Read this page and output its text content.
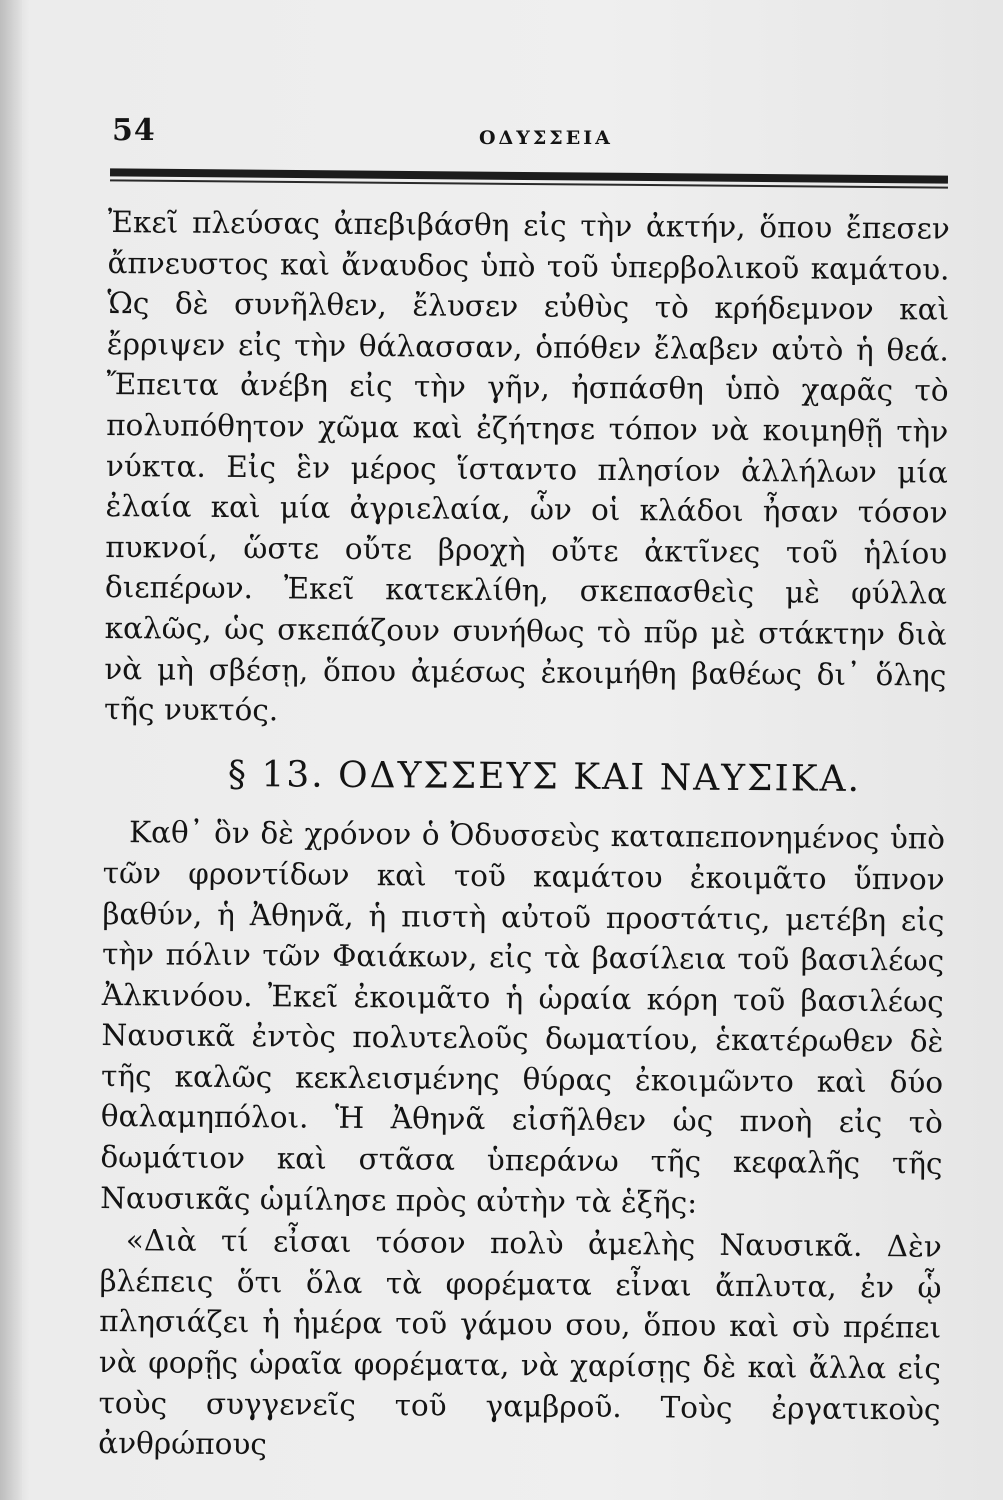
54	ΟΔΥΣΣΕΙΑ

Ἐκεῖ πλεύσας ἀπεβιβάσθη εἰς τὴν ἀκτήν, ὅπου ἔπεσεν ἄπνευστος καὶ ἄναυδος ὑπὸ τοῦ ὑπερβολικοῦ καμάτου. Ὡς δὲ συνῆλθεν, ἔλυσεν εὐθὺς τὸ κρήδεμνον καὶ ἔρριψεν εἰς τὴν θάλασσαν, ὁπόθεν ἔλαβεν αὐτὸ ἡ θεά. Ἔπειτα ἀνέβη εἰς τὴν γῆν, ἠσπάσθη ὑπὸ χαρᾶς τὸ πολυπόθητον χῶμα καὶ ἐζήτησε τόπον νὰ κοιμηθῇ τὴν νύκτα. Εἰς ἓν μέρος ἵσταντο πλησίον ἀλλήλων μία ἐλαία καὶ μία ἀγριελαία, ὧν οἱ κλάδοι ἦσαν τόσον πυκνοί, ὥστε οὔτε βροχὴ οὔτε ἀκτῖνες τοῦ ἡλίου διεπέρων. Ἐκεῖ κατεκλίθη, σκεπασθεὶς μὲ φύλλα καλῶς, ὡς σκεπάζουν συνήθως τὸ πῦρ μὲ στάκτην διὰ νὰ μὴ σβέσῃ, ὅπου ἀμέσως ἐκοιμήθη βαθέως δι᾽ ὅλης τῆς νυκτός.

§ 13. ΟΔΥΣΣΕΥΣ ΚΑΙ ΝΑΥΣΙΚΑ.

Καθ᾽ ὃν δὲ χρόνον ὁ Ὀδυσσεὺς καταπεπονημένος ὑπὸ τῶν φροντίδων καὶ τοῦ καμάτου ἐκοιμᾶτο ὕπνον βαθύν, ἡ Ἀθηνᾶ, ἡ πιστὴ αὐτοῦ προστάτις, μετέβη εἰς τὴν πόλιν τῶν Φαιάκων, εἰς τὰ βασίλεια τοῦ βασιλέως Ἀλκινόου. Ἐκεῖ ἐκοιμᾶτο ἡ ὡραία κόρη τοῦ βασιλέως Ναυσικᾶ ἐντὸς πολυτελοῦς δωματίου, ἑκατέρωθεν δὲ τῆς καλῶς κεκλεισμένης θύρας ἐκοιμῶντο καὶ δύο θαλαμηπόλοι. Ἡ Ἀθηνᾶ εἰσῆλθεν ὡς πνοὴ εἰς τὸ δωμάτιον καὶ στᾶσα ὑπεράνω τῆς κεφαλῆς τῆς Ναυσικᾶς ὡμίλησε πρὸς αὐτὴν τὰ ἑξῆς:

«Διὰ τί εἶσαι τόσον πολὺ ἀμελὴς Ναυσικᾶ. Δὲν βλέπεις ὅτι ὅλα τὰ φορέματα εἶναι ἄπλυτα, ἐν ᾧ πλησιάζει ἡ ἡμέρα τοῦ γάμου σου, ὅπου καὶ σὺ πρέπει νὰ φορῇς ὡραῖα φορέματα, νὰ χαρίσῃς δὲ καὶ ἄλλα εἰς τοὺς συγγενεῖς τοῦ γαμβροῦ. Τοὺς ἐργατικοὺς ἀνθρώπους
